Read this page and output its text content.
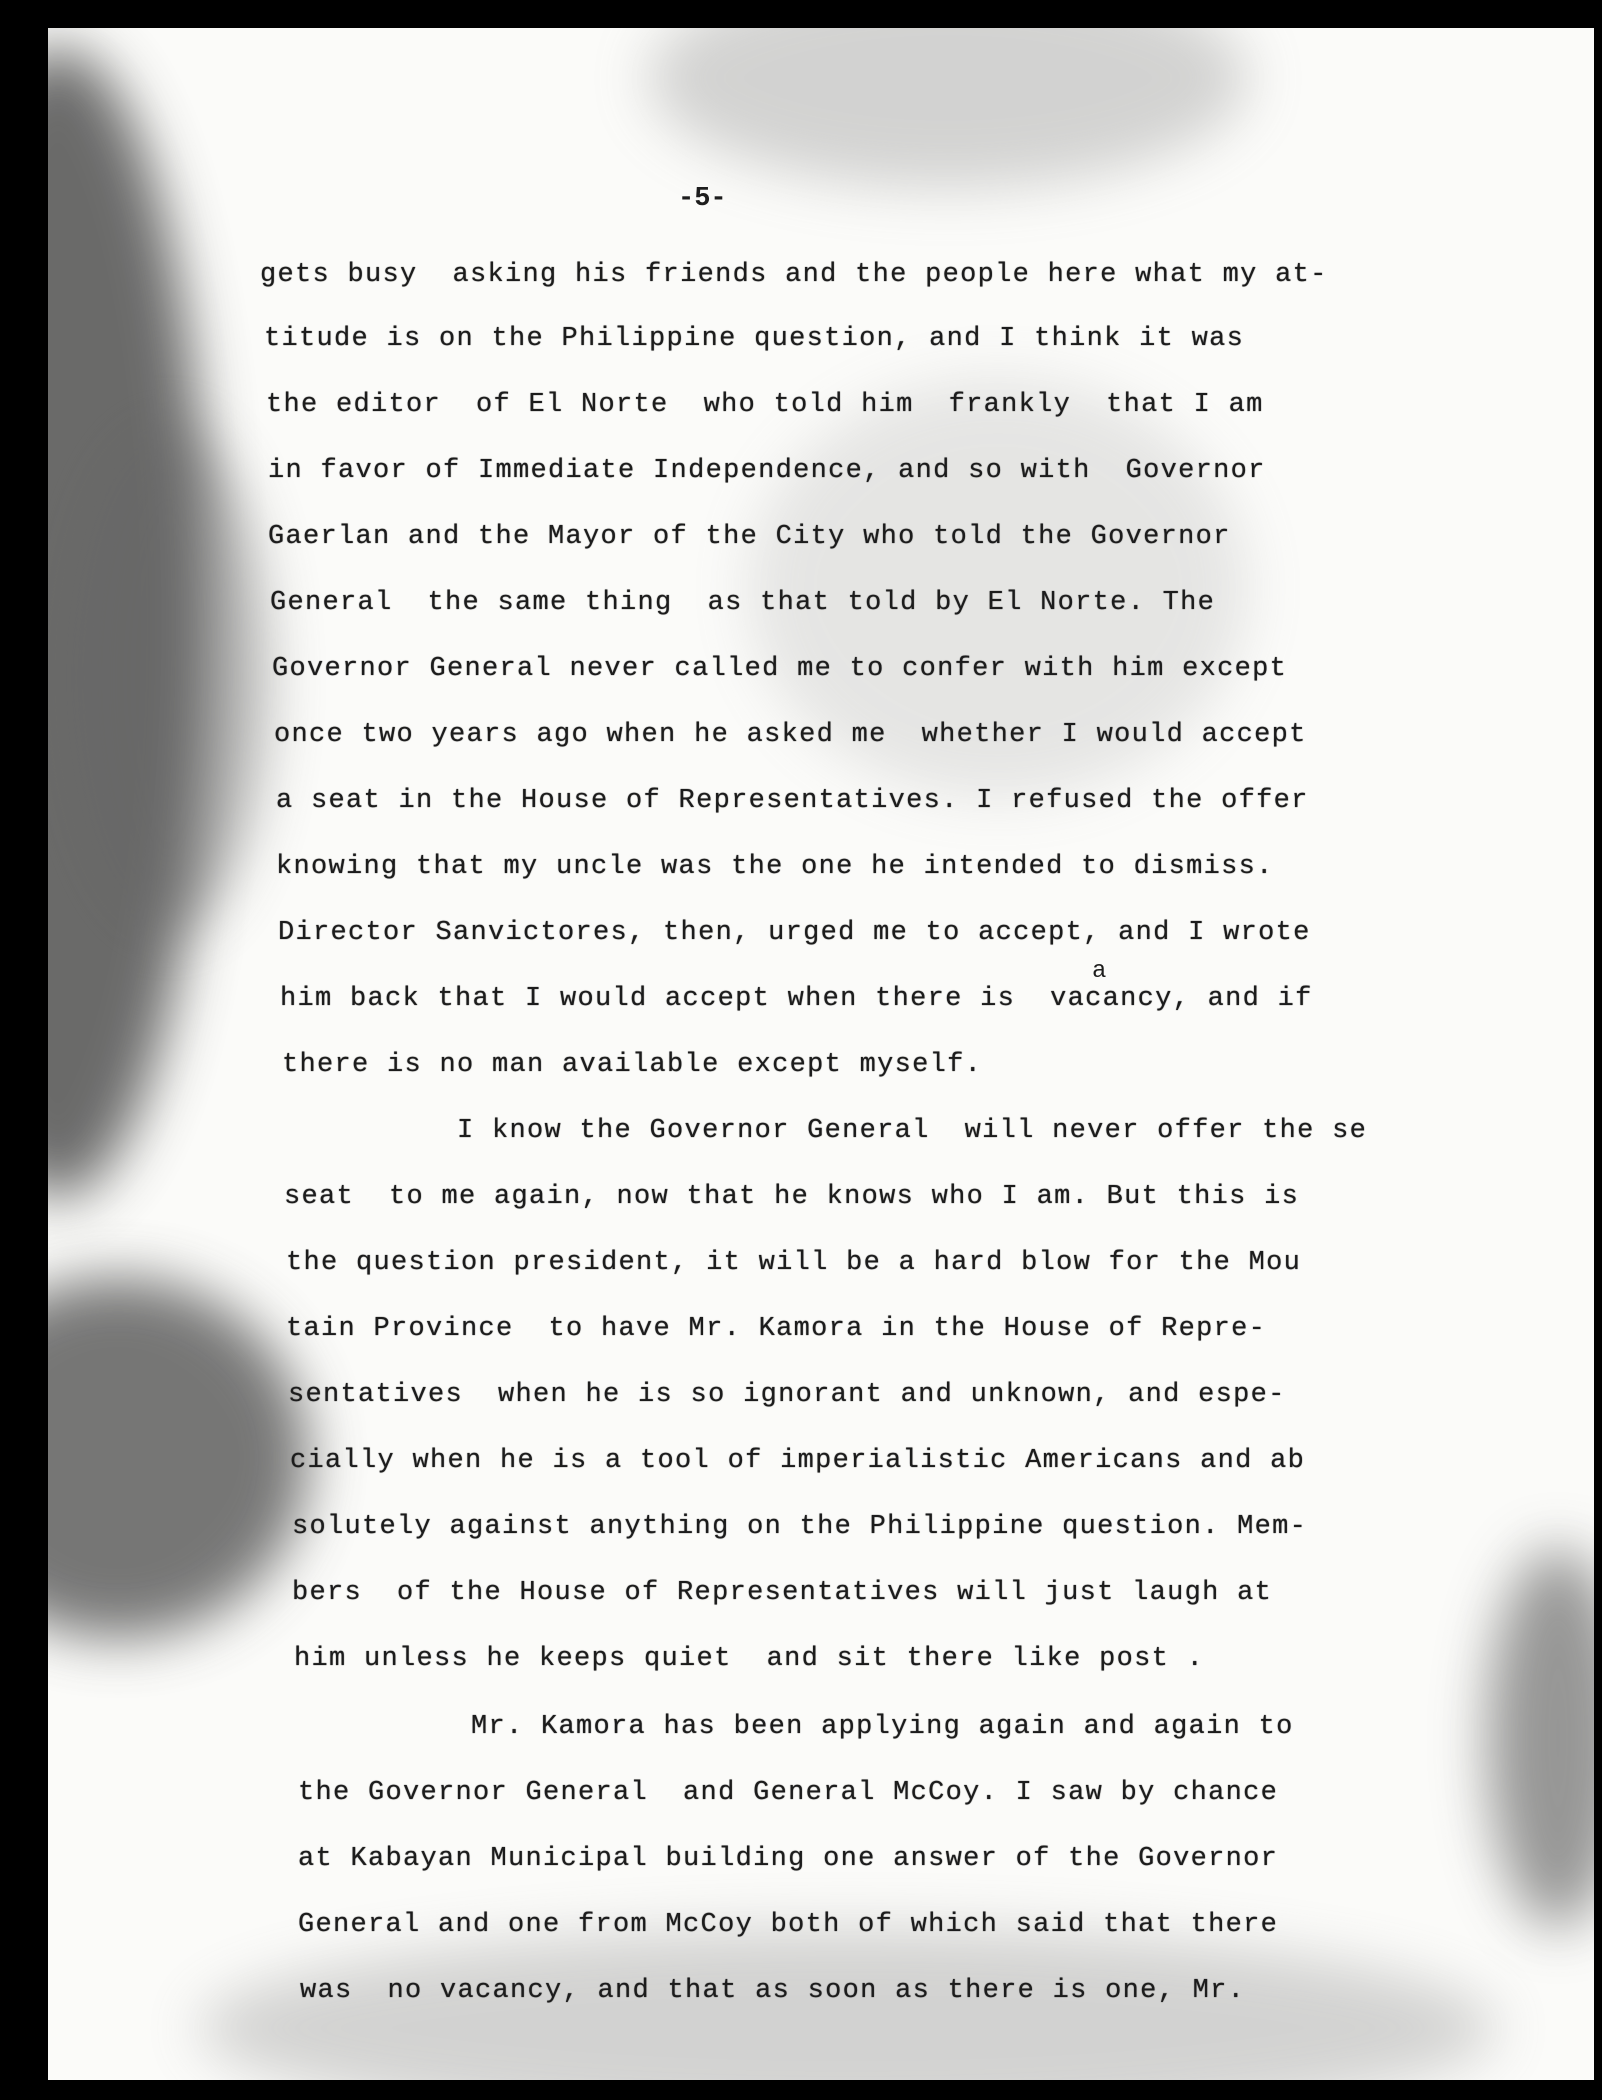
-5-
gets busy  asking his friends and the people here what my at-
titude is on the Philippine question, and I think it was
the editor  of El Norte  who told him  frankly  that I am
in favor of Immediate Independence, and so with  Governor
Gaerlan and the Mayor of the City who told the Governor
General  the same thing  as that told by El Norte. The
Governor General never called me to confer with him except
once two years ago when he asked me  whether I would accept
a seat in the House of Representatives. I refused the offer
knowing that my uncle was the one he intended to dismiss.
Director Sanvictores, then, urged me to accept, and I wrote
him back that I would accept when there is  vacancy, and if
a
there is no man available except myself.
I know the Governor General  will never offer the se
seat  to me again, now that he knows who I am. But this is
the question president, it will be a hard blow for the Mou
tain Province  to have Mr. Kamora in the House of Repre-
sentatives  when he is so ignorant and unknown, and espe-
cially when he is a tool of imperialistic Americans and ab
solutely against anything on the Philippine question. Mem-
bers  of the House of Representatives will just laugh at
him unless he keeps quiet  and sit there like post .
Mr. Kamora has been applying again and again to
the Governor General  and General McCoy. I saw by chance
at Kabayan Municipal building one answer of the Governor
General and one from McCoy both of which said that there
was  no vacancy, and that as soon as there is one, Mr.
